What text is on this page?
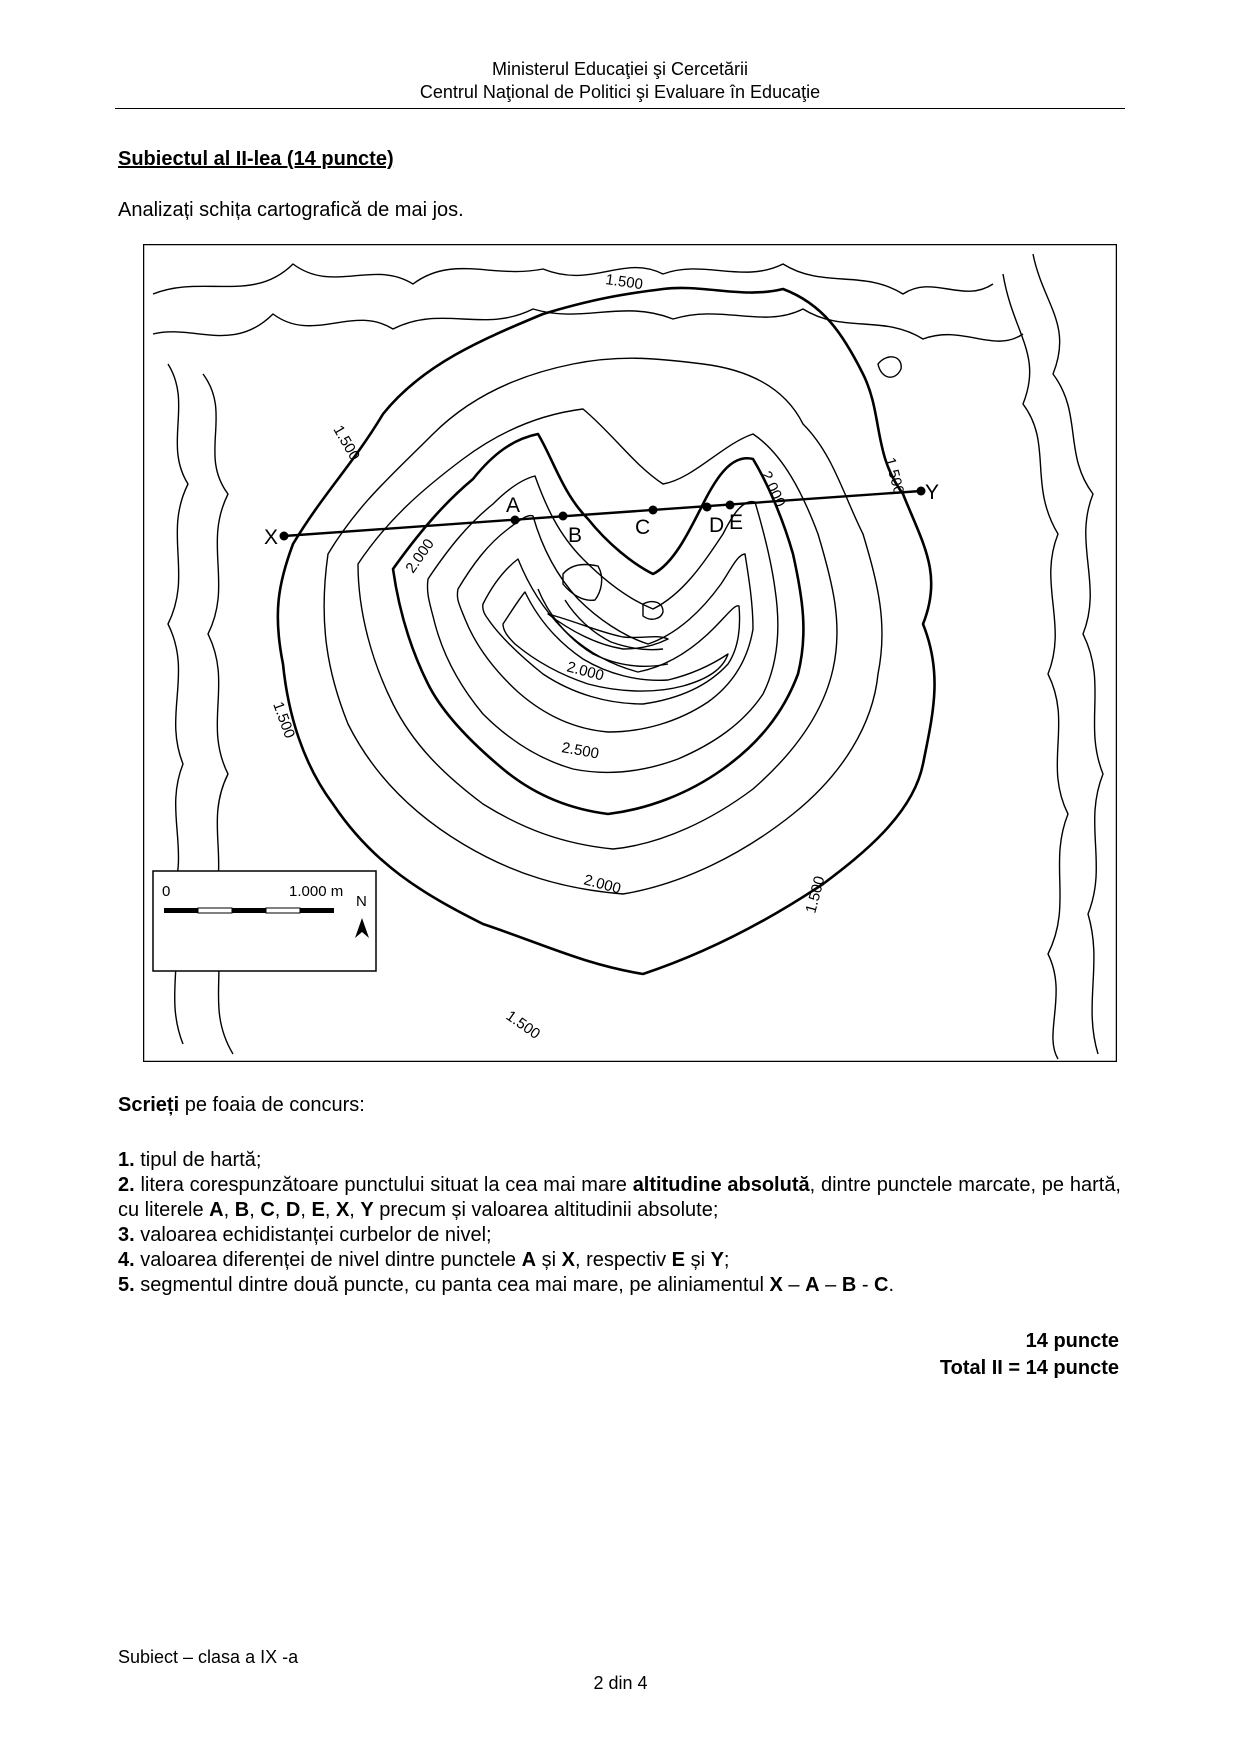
Ministerul Educaţiei şi Cercetării
Centrul Naţional de Politici şi Evaluare în Educaţie
Subiectul al II-lea (14 puncte)
Analizați schița cartografică de mai jos.
X
A
B	C	D E
Y
1.500
1.500
1.500
1.500
1.500
1.500
2.000
2.000
2.000
2.000
2.500
0	1.000 m
N
Scrieți pe foaia de concurs:

1. tipul de hartă;

2. litera corespunzătoare punctului situat la cea mai mare altitudine absolută, dintre punctele marcate, pe hartă, cu literele A, B, C, D, E, X, Y precum și valoarea altitudinii absolute;

3. valoarea echidistanței curbelor de nivel;

4. valoarea diferenței de nivel dintre punctele A și X, respectiv E și Y;

5. segmentul dintre două puncte, cu panta cea mai mare, pe aliniamentul X – A – B - C.

14 puncte
Total II = 14 puncte
Subiect – clasa a IX -a
2 din 4
